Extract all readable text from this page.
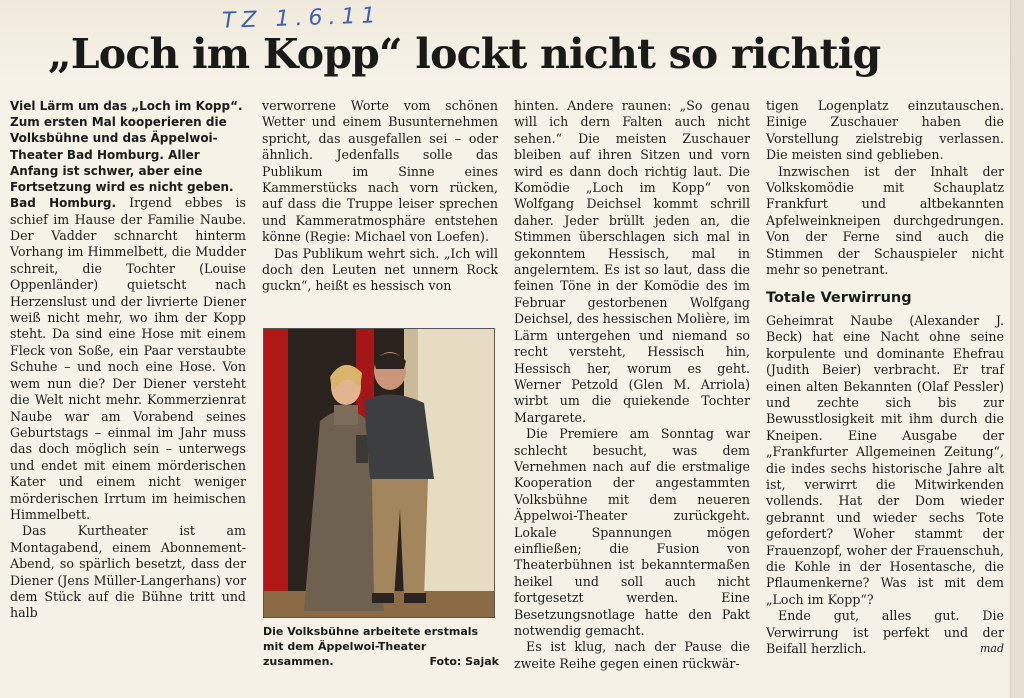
TZ 1.6.11
„Loch im Kopp“ lockt nicht so richtig

Viel Lärm um das „Loch im Kopp“. Zum ersten Mal kooperieren die Volksbühne und das Äppelwoi-Theater Bad Homburg. Aller Anfang ist schwer, aber eine Fortsetzung wird es nicht geben.

Bad Homburg. Irgend ebbes is schief im Hause der Familie Naube. Der Vadder schnarcht hinterm Vorhang im Himmelbett, die Mudder schreit, die Tochter (Louise Oppenländer) quietscht nach Herzenslust und der livrierte Diener weiß nicht mehr, wo ihm der Kopp steht. Da sind eine Hose mit einem Fleck von Soße, ein Paar verstaubte Schuhe – und noch eine Hose. Von wem nun die? Der Diener versteht die Welt nicht mehr. Kommerzienrat Naube war am Vorabend seines Geburtstags – einmal im Jahr muss das doch möglich sein – unterwegs und endet mit einem mörderischen Kater und einem nicht weniger mörderischen Irrtum im heimischen Himmelbett.

Das Kurtheater ist am Montagabend, einem Abonnement-Abend, so spärlich besetzt, dass der Diener (Jens Müller-Langerhans) vor dem Stück auf die Bühne tritt und halb

verworrene Worte vom schönen Wetter und einem Busunternehmen spricht, das ausgefallen sei – oder ähnlich. Jedenfalls solle das Publikum im Sinne eines Kammerstücks nach vorn rücken, auf dass die Truppe leiser sprechen und Kammeratmosphäre entstehen könne (Regie: Michael von Loefen).

Das Publikum wehrt sich. „Ich will doch den Leuten net unnern Rock guckn“, heißt es hessisch von

Die Volksbühne arbeitete erstmals mit dem Äppelwoi-Theater zusammen.	Foto: Sajak

hinten. Andere raunen: „So genau will ich dern Falten auch nicht sehen.“ Die meisten Zuschauer bleiben auf ihren Sitzen und vorn wird es dann doch richtig laut. Die Komödie „Loch im Kopp“ von Wolfgang Deichsel kommt schrill daher. Jeder brüllt jeden an, die Stimmen überschlagen sich mal in gekonntem Hessisch, mal in angelerntem. Es ist so laut, dass die feinen Töne in der Komödie des im Februar gestorbenen Wolfgang Deichsel, des hessischen Molière, im Lärm untergehen und niemand so recht versteht, Hessisch hin, Hessisch her, worum es geht. Werner Petzold (Glen M. Arriola) wirbt um die quiekende Tochter Margarete.

Die Premiere am Sonntag war schlecht besucht, was dem Vernehmen nach auf die erstmalige Kooperation der angestammten Volksbühne mit dem neueren Äppelwoi-Theater zurückgeht. Lokale Spannungen mögen einfließen; die Fusion von Theaterbühnen ist bekanntermaßen heikel und soll auch nicht fortgesetzt werden. Eine Besetzungsnotlage hatte den Pakt notwendig gemacht.

Es ist klug, nach der Pause die zweite Reihe gegen einen rückwär-

tigen Logenplatz einzutauschen. Einige Zuschauer haben die Vorstellung zielstrebig verlassen. Die meisten sind geblieben.

Inzwischen ist der Inhalt der Volkskomödie mit Schauplatz Frankfurt und altbekannten Apfelweinkneipen durchgedrungen. Von der Ferne sind auch die Stimmen der Schauspieler nicht mehr so penetrant.

Totale Verwirrung

Geheimrat Naube (Alexander J. Beck) hat eine Nacht ohne seine korpulente und dominante Ehefrau (Judith Beier) verbracht. Er traf einen alten Bekannten (Olaf Pessler) und zechte sich bis zur Bewusstlosigkeit mit ihm durch die Kneipen. Eine Ausgabe der „Frankfurter Allgemeinen Zeitung“, die indes sechs historische Jahre alt ist, verwirrt die Mitwirkenden vollends. Hat der Dom wieder gebrannt und wieder sechs Tote gefordert? Woher stammt der Frauenzopf, woher der Frauenschuh, die Kohle in der Hosentasche, die Pflaumenkerne? Was ist mit dem „Loch im Kopp“?

Ende gut, alles gut. Die Verwirrung ist perfekt und der Beifall herzlich.	mad
